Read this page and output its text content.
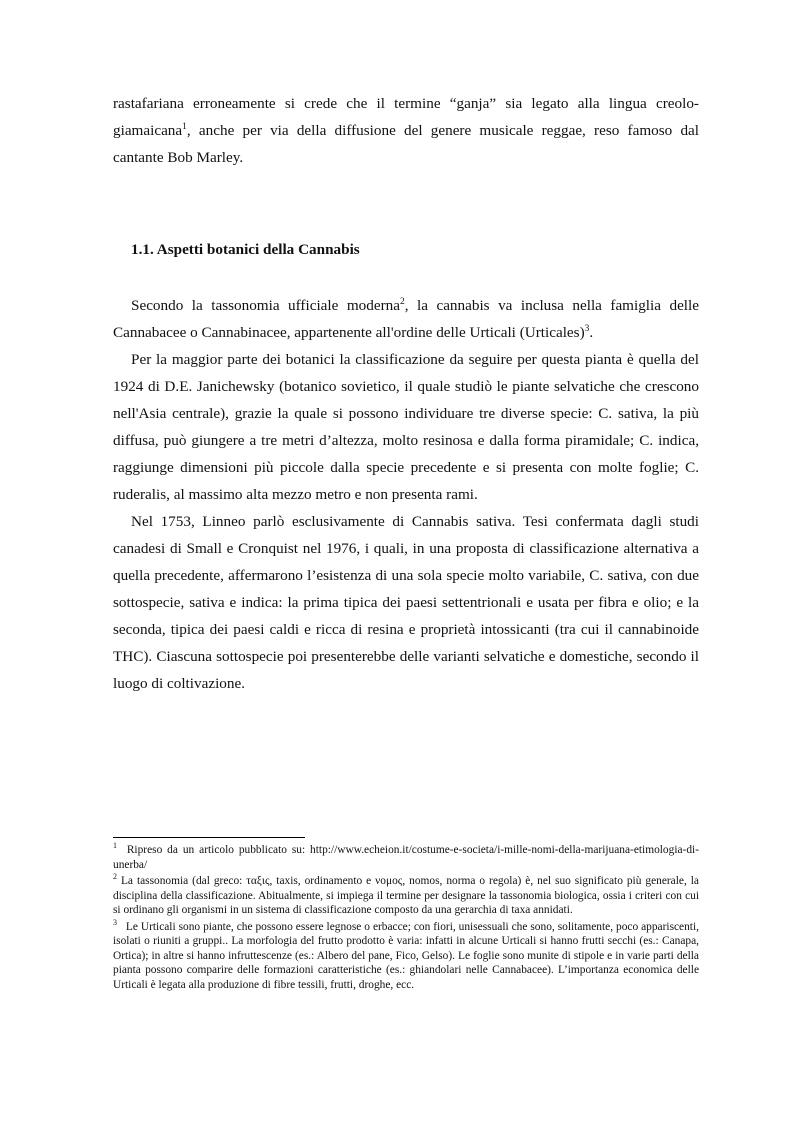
rastafariana erroneamente si crede che il termine “ganja” sia legato alla lingua creolo-giamaicana$^1$, anche per via della diffusione del genere musicale reggae, reso famoso dal cantante Bob Marley.

1.1. Aspetti botanici della Cannabis

Secondo la tassonomia ufficiale moderna$^2$, la cannabis va inclusa nella famiglia delle Cannabacee o Cannabinacee, appartenente all'ordine delle Urticali (Urticales)$^3$.

Per la maggior parte dei botanici la classificazione da seguire per questa pianta è quella del 1924 di D.E. Janichewsky (botanico sovietico, il quale studiò le piante selvatiche che crescono nell'Asia centrale), grazie la quale si possono individuare tre diverse specie: C. sativa, la più diffusa, può giungere a tre metri d’altezza, molto resinosa e dalla forma piramidale; C. indica, raggiunge dimensioni più piccole dalla specie precedente e si presenta con molte foglie; C. ruderalis, al massimo alta mezzo metro e non presenta rami.

Nel 1753, Linneo parlò esclusivamente di Cannabis sativa. Tesi confermata dagli studi canadesi di Small e Cronquist nel 1976, i quali, in una proposta di classificazione alternativa a quella precedente, affermarono l’esistenza di una sola specie molto variabile, C. sativa, con due sottospecie, sativa e indica: la prima tipica dei paesi settentrionali e usata per fibra e olio; e la seconda, tipica dei paesi caldi e ricca di resina e proprietà intossicanti (tra cui il cannabinoide THC). Ciascuna sottospecie poi presenterebbe delle varianti selvatiche e domestiche, secondo il luogo di coltivazione.

$^1$ Ripreso da un articolo pubblicato su: http://www.echeion.it/costume-e-societa/i-mille-nomi-della-marijuana-etimologia-di-unerba/

$^2$ La tassonomia (dal greco: ταξις, taxis, ordinamento e νομος, nomos, norma o regola) è, nel suo significato più generale, la disciplina della classificazione. Abitualmente, si impiega il termine per designare la tassonomia biologica, ossia i criteri con cui si ordinano gli organismi in un sistema di classificazione composto da una gerarchia di taxa annidati.

$^3$ Le Urticali sono piante, che possono essere legnose o erbacce; con fiori, unisessuali che sono, solitamente, poco appariscenti, isolati o riuniti a gruppi.. La morfologia del frutto prodotto è varia: infatti in alcune Urticali si hanno frutti secchi (es.: Canapa, Ortica); in altre si hanno infruttescenze (es.: Albero del pane, Fico, Gelso). Le foglie sono munite di stipole e in varie parti della pianta possono comparire delle formazioni caratteristiche (es.: ghiandolari nelle Cannabacee). L’importanza economica delle Urticali è legata alla produzione di fibre tessili, frutti, droghe, ecc.
